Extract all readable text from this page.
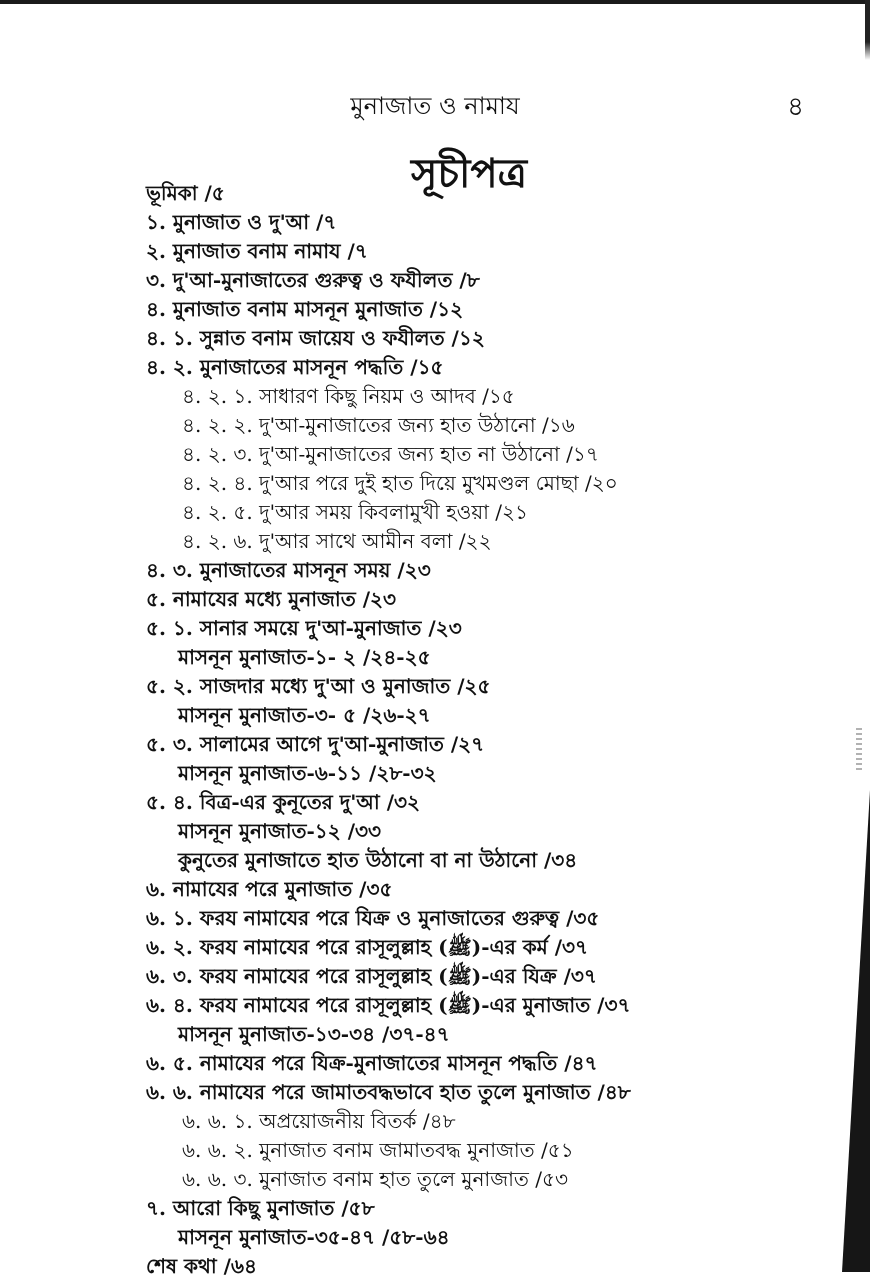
মুনাজাত ও নামায	৪
সূচীপত্র
ভূমিকা /৫
১. মুনাজাত ও দু'আ /৭
২. মুনাজাত বনাম নামায /৭
৩. দু'আ-মুনাজাতের গুরুত্ব ও ফযীলত /৮
৪. মুনাজাত বনাম মাসনূন মুনাজাত /১২
৪. ১. সুন্নাত বনাম জায়েয ও ফযীলত /১২
৪. ২. মুনাজাতের মাসনূন পদ্ধতি /১৫
৪. ২. ১. সাধারণ কিছু নিয়ম ও আদব /১৫
৪. ২. ২. দু'আ-মুনাজাতের জন্য হাত উঠানো /১৬
৪. ২. ৩. দু'আ-মুনাজাতের জন্য হাত না উঠানো /১৭
৪. ২. ৪. দু'আর পরে দুই হাত দিয়ে মুখমণ্ডল মোছা /২০
৪. ২. ৫. দু'আর সময় কিবলামুখী হওয়া /২১
৪. ২. ৬. দু'আর সাথে আমীন বলা /২২
৪. ৩. মুনাজাতের মাসনূন সময় /২৩
৫. নামাযের মধ্যে মুনাজাত /২৩
৫. ১. সানার সময়ে দু'আ-মুনাজাত /২৩
মাসনূন মুনাজাত-১- ২ /২৪-২৫
৫. ২. সাজদার মধ্যে দু'আ ও মুনাজাত /২৫
মাসনূন মুনাজাত-৩- ৫ /২৬-২৭
৫. ৩. সালামের আগে দু'আ-মুনাজাত /২৭
মাসনূন মুনাজাত-৬-১১ /২৮-৩২
৫. ৪. বিত্র-এর কুনূতের দু'আ /৩২
মাসনূন মুনাজাত-১২ /৩৩
কুনুতের মুনাজাতে হাত উঠানো বা না উঠানো /৩৪
৬. নামাযের পরে মুনাজাত /৩৫
৬. ১. ফরয নামাযের পরে যিক্র ও মুনাজাতের গুরুত্ব /৩৫
৬. ২. ফরয নামাযের পরে রাসূলুল্লাহ (ﷺ)-এর কর্ম /৩৭
৬. ৩. ফরয নামাযের পরে রাসূলুল্লাহ (ﷺ)-এর যিক্র /৩৭
৬. ৪. ফরয নামাযের পরে রাসূলুল্লাহ (ﷺ)-এর মুনাজাত /৩৭
মাসনূন মুনাজাত-১৩-৩৪ /৩৭-৪৭
৬. ৫. নামাযের পরে যিক্র-মুনাজাতের মাসনূন পদ্ধতি /৪৭
৬. ৬. নামাযের পরে জামাতবদ্ধভাবে হাত তুলে মুনাজাত /৪৮
৬. ৬. ১. অপ্রয়োজনীয় বিতর্ক /৪৮
৬. ৬. ২. মুনাজাত বনাম জামাতবদ্ধ মুনাজাত /৫১
৬. ৬. ৩. মুনাজাত বনাম হাত তুলে মুনাজাত /৫৩
৭. আরো কিছু মুনাজাত /৫৮
মাসনূন মুনাজাত-৩৫-৪৭ /৫৮-৬৪
শেষ কথা /৬৪
